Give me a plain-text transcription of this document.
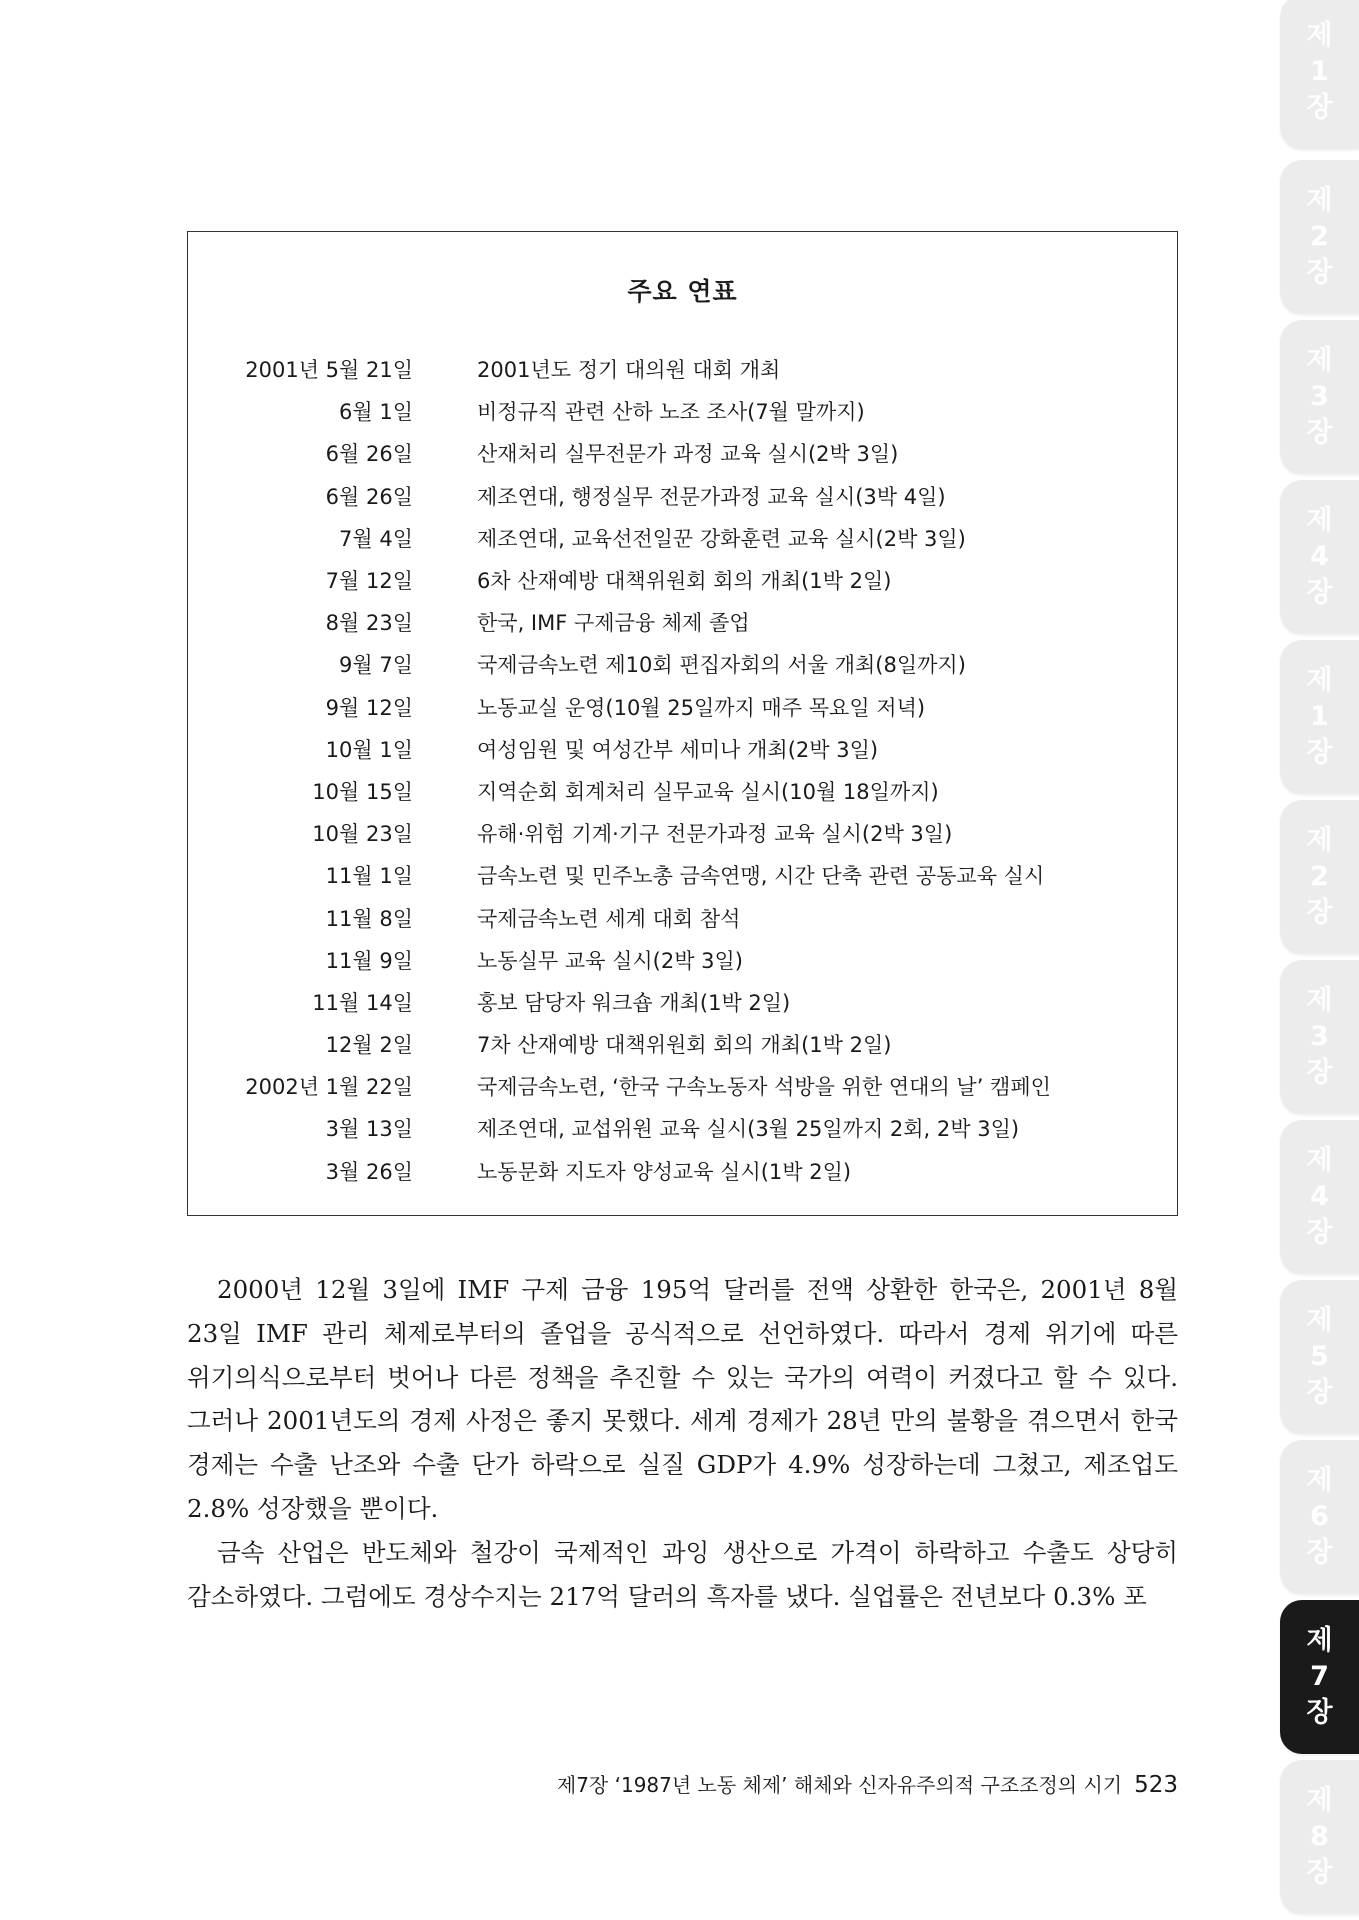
제
1
장
제
2
장
제
3
장
제
4
장
제
1
장
제
2
장
제
3
장
제
4
장
제
5
장
제
6
장
제
7
장
제
8
장
주요 연표
2001년 5월 21일	2001년도 정기 대의원 대회 개최
6월 1일	비정규직 관련 산하 노조 조사(7월 말까지)
6월 26일	산재처리 실무전문가 과정 교육 실시(2박 3일)
6월 26일	제조연대, 행정실무 전문가과정 교육 실시(3박 4일)
7월 4일	제조연대, 교육선전일꾼 강화훈련 교육 실시(2박 3일)
7월 12일	6차 산재예방 대책위원회 회의 개최(1박 2일)
8월 23일	한국, IMF 구제금융 체제 졸업
9월 7일	국제금속노련 제10회 편집자회의 서울 개최(8일까지)
9월 12일	노동교실 운영(10월 25일까지 매주 목요일 저녁)
10월 1일	여성임원 및 여성간부 세미나 개최(2박 3일)
10월 15일	지역순회 회계처리 실무교육 실시(10월 18일까지)
10월 23일	유해·위험 기계·기구 전문가과정 교육 실시(2박 3일)
11월 1일	금속노련 및 민주노총 금속연맹, 시간 단축 관련 공동교육 실시
11월 8일	국제금속노련 세계 대회 참석
11월 9일	노동실무 교육 실시(2박 3일)
11월 14일	홍보 담당자 워크숍 개최(1박 2일)
12월 2일	7차 산재예방 대책위원회 회의 개최(1박 2일)
2002년 1월 22일	국제금속노련, ‘한국 구속노동자 석방을 위한 연대의 날’ 캠페인
3월 13일	제조연대, 교섭위원 교육 실시(3월 25일까지 2회, 2박 3일)
3월 26일	노동문화 지도자 양성교육 실시(1박 2일)

2000년 12월 3일에 IMF 구제 금융 195억 달러를 전액 상환한 한국은, 2001년 8월 23일 IMF 관리 체제로부터의 졸업을 공식적으로 선언하였다. 따라서 경제 위기에 따른 위기의식으로부터 벗어나 다른 정책을 추진할 수 있는 국가의 여력이 커졌다고 할 수 있다. 그러나 2001년도의 경제 사정은 좋지 못했다. 세계 경제가 28년 만의 불황을 겪으면서 한국 경제는 수출 난조와 수출 단가 하락으로 실질 GDP가 4.9% 성장하는데 그쳤고, 제조업도 2.8% 성장했을 뿐이다.

금속 산업은 반도체와 철강이 국제적인 과잉 생산으로 가격이 하락하고 수출도 상당히 감소하였다. 그럼에도 경상수지는 217억 달러의 흑자를 냈다. 실업률은 전년보다 0.3% 포

제7장 ‘1987년 노동 체제’ 해체와 신자유주의적 구조조정의 시기 523
